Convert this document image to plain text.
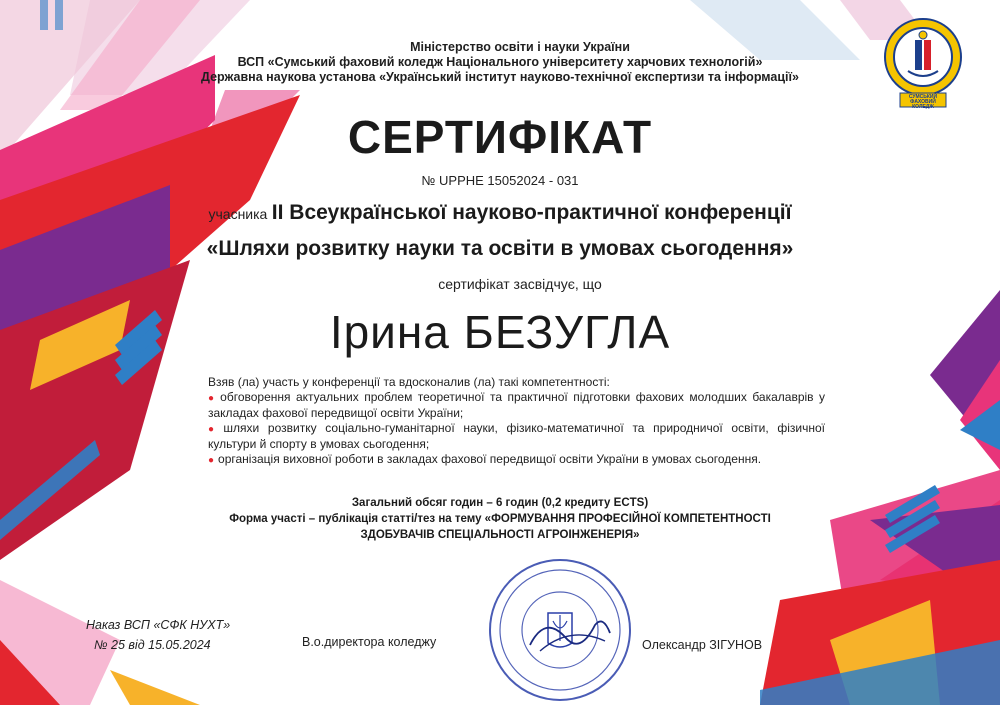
СУМСЬКИЙ ФАХОВИЙ КОЛЕДЖ
Міністерство освіти і науки України
ВСП «Сумський фаховий коледж Національного університету харчових технологій»
Державна наукова установа «Український інститут науково-технічної експертизи та інформації»
СЕРТИФІКАТ
№ UPPHE 15052024 - 031
учасника II Всеукраїнської науково-практичної конференції
«Шляхи розвитку науки та освіти в умовах сьогодення»
сертифікат засвідчує, що
Ірина БЕЗУГЛА
Взяв (ла) участь у конференції та вдосконалив (ла) такі компетентності:
● обговорення актуальних проблем теоретичної та практичної підготовки фахових молодших бакалаврів у закладах фахової передвищої освіти України;
● шляхи розвитку соціально-гуманітарної науки, фізико-математичної та природничої освіти, фізичної культури й спорту в умовах сьогодення;
● організація виховної роботи в закладах фахової передвищої освіти України в умовах сьогодення.
Загальний обсяг годин – 6 годин (0,2 кредиту ECTS)
Форма участі – публікація статті/тез на тему «ФОРМУВАННЯ ПРОФЕСІЙНОЇ КОМПЕТЕНТНОСТІ
ЗДОБУВАЧІВ СПЕЦІАЛЬНОСТІ АГРОІНЖЕНЕРІЯ»
Наказ ВСП «СФК НУХТ»
№ 25 від 15.05.2024	В.о.директора коледжу	Олександр ЗІГУНОВ
